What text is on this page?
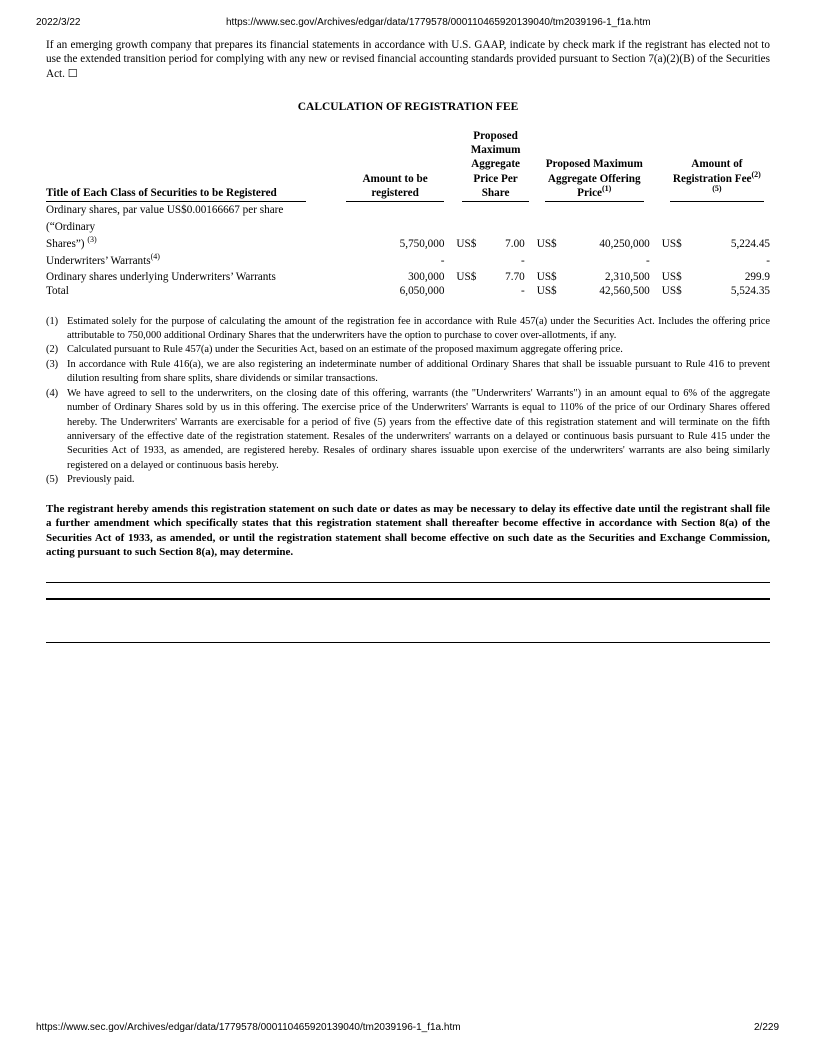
2022/3/22	https://www.sec.gov/Archives/edgar/data/1779578/000110465920139040/tm2039196-1_f1a.htm

If an emerging growth company that prepares its financial statements in accordance with U.S. GAAP, indicate by check mark if the registrant has elected not to use the extended transition period for complying with any new or revised financial accounting standards provided pursuant to Section 7(a)(2)(B) of the Securities Act. ☐

CALCULATION OF REGISTRATION FEE
Title of Each Class of Securities to be Registered	Amount to be registered	Proposed Maximum Aggregate Price Per Share		Proposed Maximum Aggregate Offering Price$^{(1)}$		Amount of Registration Fee$^{(2)(5)}$

Ordinary shares, par value US$0.00166667 per share (“Ordinary
Shares”) $^{(3)}$	5,750,000	US$	7.00	US$	40,250,000	US$	5,224.45
Underwriters’ Warrants$^{(4)}$	-		-		-		-
Ordinary shares underlying Underwriters’ Warrants	300,000	US$	7.70	US$	2,310,500	US$	299.9
Total	6,050,000		-	US$	42,560,500	US$	5,524.35
(1) Estimated solely for the purpose of calculating the amount of the registration fee in accordance with Rule 457(a) under the Securities Act. Includes the offering price attributable to 750,000 additional Ordinary Shares that the underwriters have the option to purchase to cover over-allotments, if any.
(2) Calculated pursuant to Rule 457(a) under the Securities Act, based on an estimate of the proposed maximum aggregate offering price.
(3) In accordance with Rule 416(a), we are also registering an indeterminate number of additional Ordinary Shares that shall be issuable pursuant to Rule 416 to prevent dilution resulting from share splits, share dividends or similar transactions.
(4) We have agreed to sell to the underwriters, on the closing date of this offering, warrants (the "Underwriters' Warrants") in an amount equal to 6% of the aggregate number of Ordinary Shares sold by us in this offering. The exercise price of the Underwriters' Warrants is equal to 110% of the price of our Ordinary Shares offered hereby. The Underwriters' Warrants are exercisable for a period of five (5) years from the effective date of this registration statement and will terminate on the fifth anniversary of the effective date of the registration statement. Resales of the underwriters' warrants on a delayed or continuous basis pursuant to Rule 415 under the Securities Act of 1933, as amended, are registered hereby. Resales of ordinary shares issuable upon exercise of the underwriters' warrants are also being similarly registered on a delayed or continuous basis hereby.
(5) Previously paid.

The registrant hereby amends this registration statement on such date or dates as may be necessary to delay its effective date until the registrant shall file a further amendment which specifically states that this registration statement shall thereafter become effective in accordance with Section 8(a) of the Securities Act of 1933, as amended, or until the registration statement shall become effective on such date as the Securities and Exchange Commission, acting pursuant to such Section 8(a), may determine.

https://www.sec.gov/Archives/edgar/data/1779578/000110465920139040/tm2039196-1_f1a.htm	2/229
